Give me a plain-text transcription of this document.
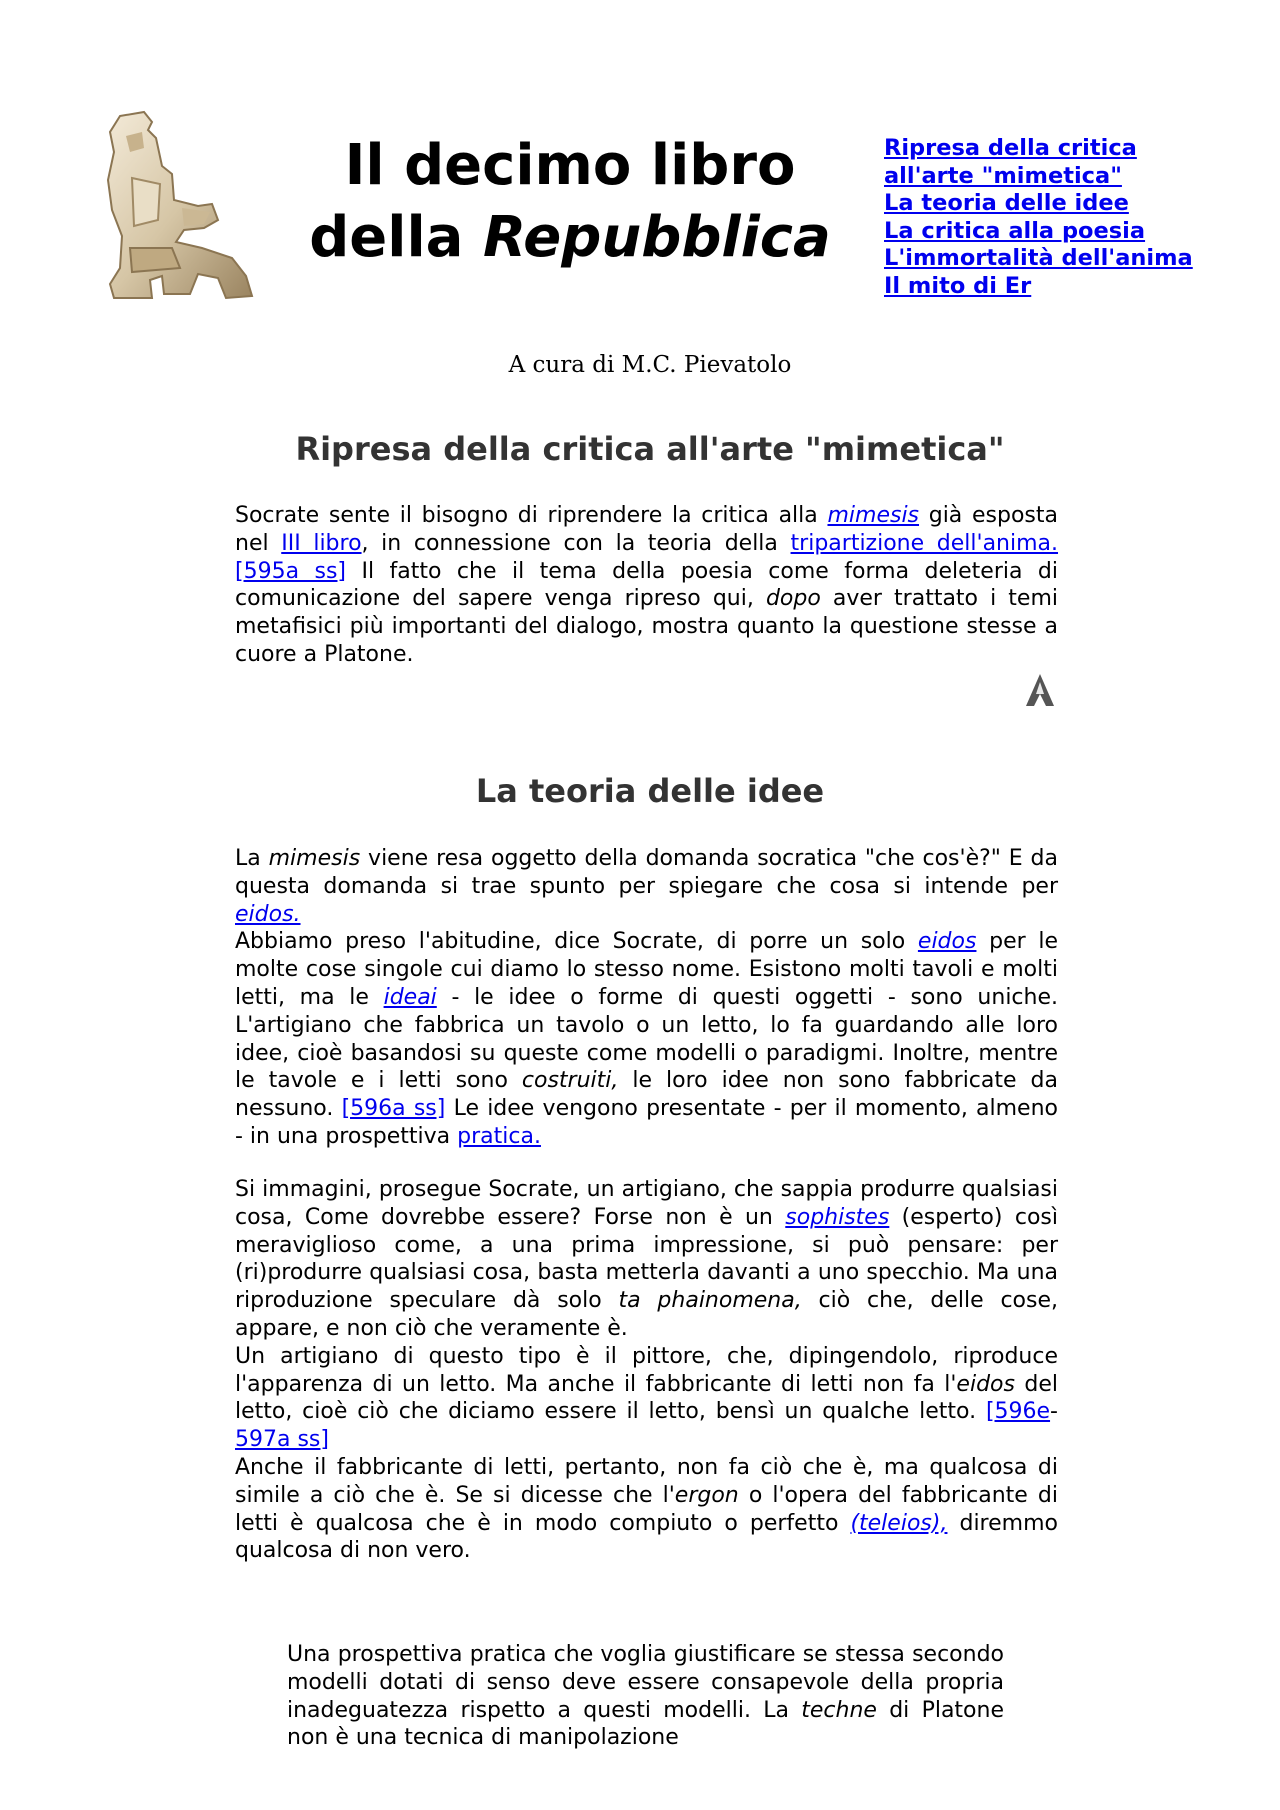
Il decimo libro
della Repubblica
Ripresa della critica all'arte "mimetica"
La teoria delle idee
La critica alla poesia
L'immortalità dell'anima
Il mito di Er
A cura di M.C. Pievatolo
Ripresa della critica all'arte "mimetica"

Socrate sente il bisogno di riprendere la critica alla mimesis già esposta nel III libro, in connessione con la teoria della tripartizione dell'anima. [595a ss] Il fatto che il tema della poesia come forma deleteria di comunicazione del sapere venga ripreso qui, dopo aver trattato i temi metafisici più importanti del dialogo, mostra quanto la questione stesse a cuore a Platone.

La teoria delle idee

La mimesis viene resa oggetto della domanda socratica "che cos'è?" E da questa domanda si trae spunto per spiegare che cosa si intende per eidos.
Abbiamo preso l'abitudine, dice Socrate, di porre un solo eidos per le molte cose singole cui diamo lo stesso nome. Esistono molti tavoli e molti letti, ma le ideai - le idee o forme di questi oggetti - sono uniche. L'artigiano che fabbrica un tavolo o un letto, lo fa guardando alle loro idee, cioè basandosi su queste come modelli o paradigmi. Inoltre, mentre le tavole e i letti sono costruiti, le loro idee non sono fabbricate da nessuno. [596a ss] Le idee vengono presentate - per il momento, almeno - in una prospettiva pratica.

Si immagini, prosegue Socrate, un artigiano, che sappia produrre qualsiasi cosa, Come dovrebbe essere? Forse non è un sophistes (esperto) così meraviglioso come, a una prima impressione, si può pensare: per (ri)produrre qualsiasi cosa, basta metterla davanti a uno specchio. Ma una riproduzione speculare dà solo ta phainomena, ciò che, delle cose, appare, e non ciò che veramente è.
Un artigiano di questo tipo è il pittore, che, dipingendolo, riproduce l'apparenza di un letto. Ma anche il fabbricante di letti non fa l'eidos del letto, cioè ciò che diciamo essere il letto, bensì un qualche letto. [596e-597a ss]
Anche il fabbricante di letti, pertanto, non fa ciò che è, ma qualcosa di simile a ciò che è. Se si dicesse che l'ergon o l'opera del fabbricante di letti è qualcosa che è in modo compiuto o perfetto (teleios), diremmo qualcosa di non vero.

Una prospettiva pratica che voglia giustificare se stessa secondo modelli dotati di senso deve essere consapevole della propria inadeguatezza rispetto a questi modelli. La techne di Platone non è una tecnica di manipolazione
